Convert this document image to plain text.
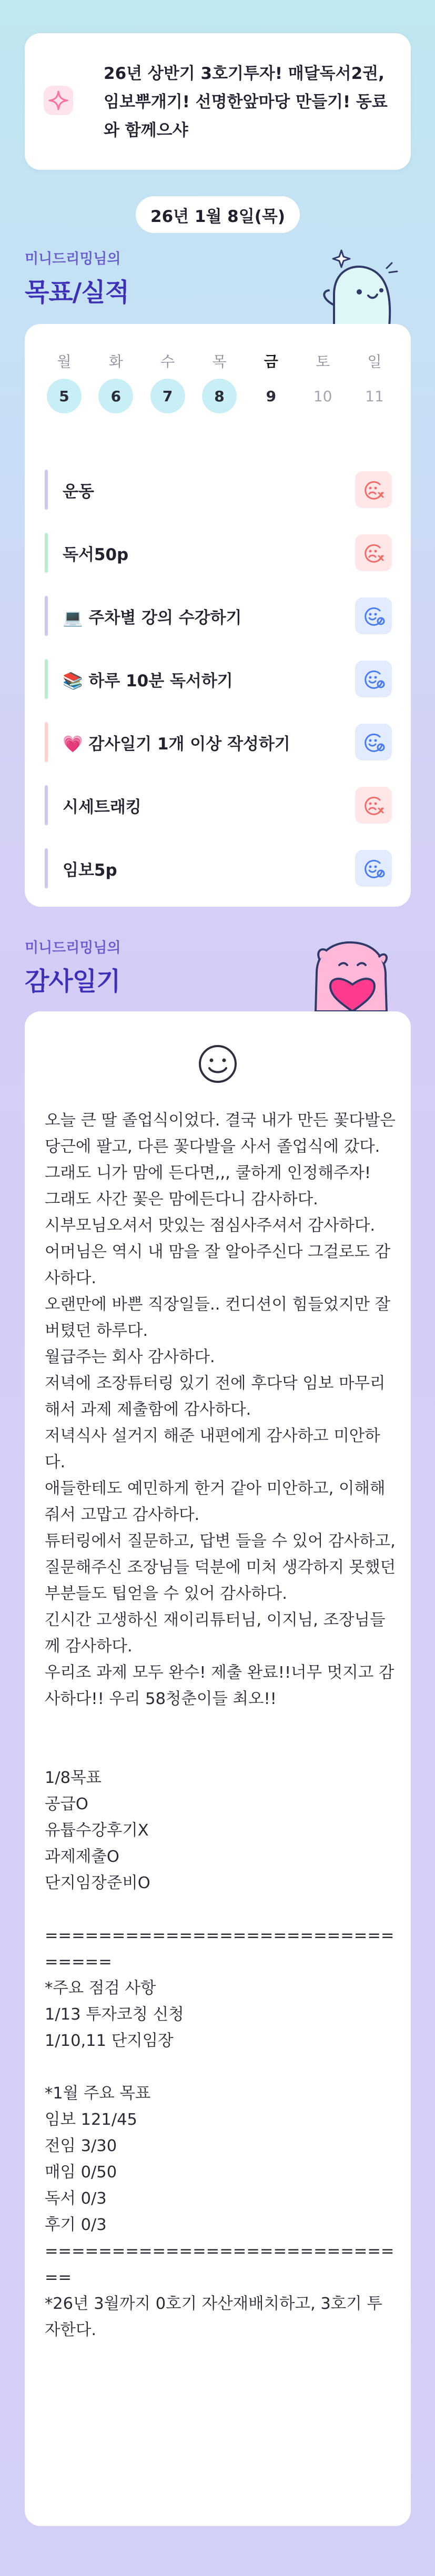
26년 상반기 3호기투자! 매달독서2권, 임보뿌개기! 선명한앞마당 만들기! 동료와 함께으샤
26년 1월 8일(목)
미니드리밍님의
목표/실적
월
5
화
6
수
7
목
8
금
9
토
10
일
11
운동
독서50p
💻 주차별 강의 수강하기
📚 하루 10분 독서하기
💗 감사일기 1개 이상 작성하기
시세트래킹
임보5p
미니드리밍님의
감사일기
오늘 큰 딸 졸업식이었다. 결국 내가 만든 꽃다발은 당근에 팔고, 다른 꽃다발을 사서 졸업식에 갔다. 그래도 니가 맘에 든다면,,, 쿨하게 인정해주자!
그래도 사간 꽃은 맘에든다니 감사하다.
시부모님오셔서 맛있는 점심사주셔서 감사하다.
어머님은 역시 내 맘을 잘 알아주신다 그걸로도 감사하다.
오랜만에 바쁜 직장일들.. 컨디션이 힘들었지만 잘 버텼던 하루다.
월급주는 회사 감사하다.
저녁에 조장튜터링 있기 전에 후다닥 임보 마무리해서 과제 제출함에 감사하다.
저녁식사 설거지 해준 내편에게 감사하고 미안하다.
애들한테도 예민하게 한거 같아 미안하고, 이해해줘서 고맙고 감사하다.
튜터링에서 질문하고, 답변 들을 수 있어 감사하고,
질문해주신 조장님들 덕분에 미처 생각하지 못했던 부분들도 팁얻을 수 있어 감사하다.
긴시간 고생하신 재이리튜터님, 이지님, 조장님들께 감사하다.
우리조 과제 모두 완수! 제출 완료!!너무 멋지고 감사하다!! 우리 58청춘이들 최오!!

1/8목표
공급O
유튭수강후기X
과제제출O
단지임장준비O

===============================
*주요 점검 사항
1/13 투자코칭 신청
1/10,11 단지임장

*1월 주요 목표
임보 121/45
전임 3/30
매임 0/50
독서 0/3
후기 0/3
============================
*26년 3월까지 0호기 자산재배치하고, 3호기 투자한다.
